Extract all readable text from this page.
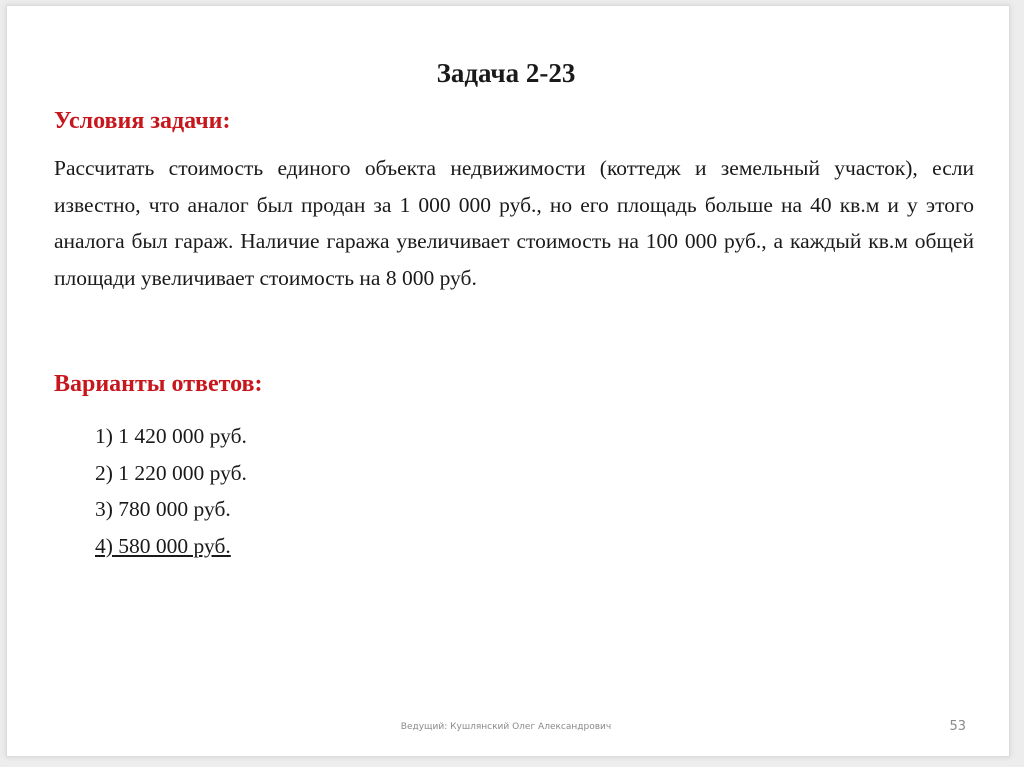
Задача 2-23
Условия задачи:
Рассчитать стоимость единого объекта недвижимости (коттедж и земельный участок), если известно, что аналог был продан за 1 000 000 руб., но его площадь больше на 40 кв.м и у этого аналога был гараж. Наличие гаража увеличивает стоимость на 100 000 руб., а каждый кв.м общей площади увеличивает стоимость на 8 000 руб.
Варианты ответов:
1) 1 420 000 руб.
2) 1 220 000 руб.
3) 780 000 руб.
4) 580 000 руб.
Ведущий: Кушлянский Олег Александрович	53
